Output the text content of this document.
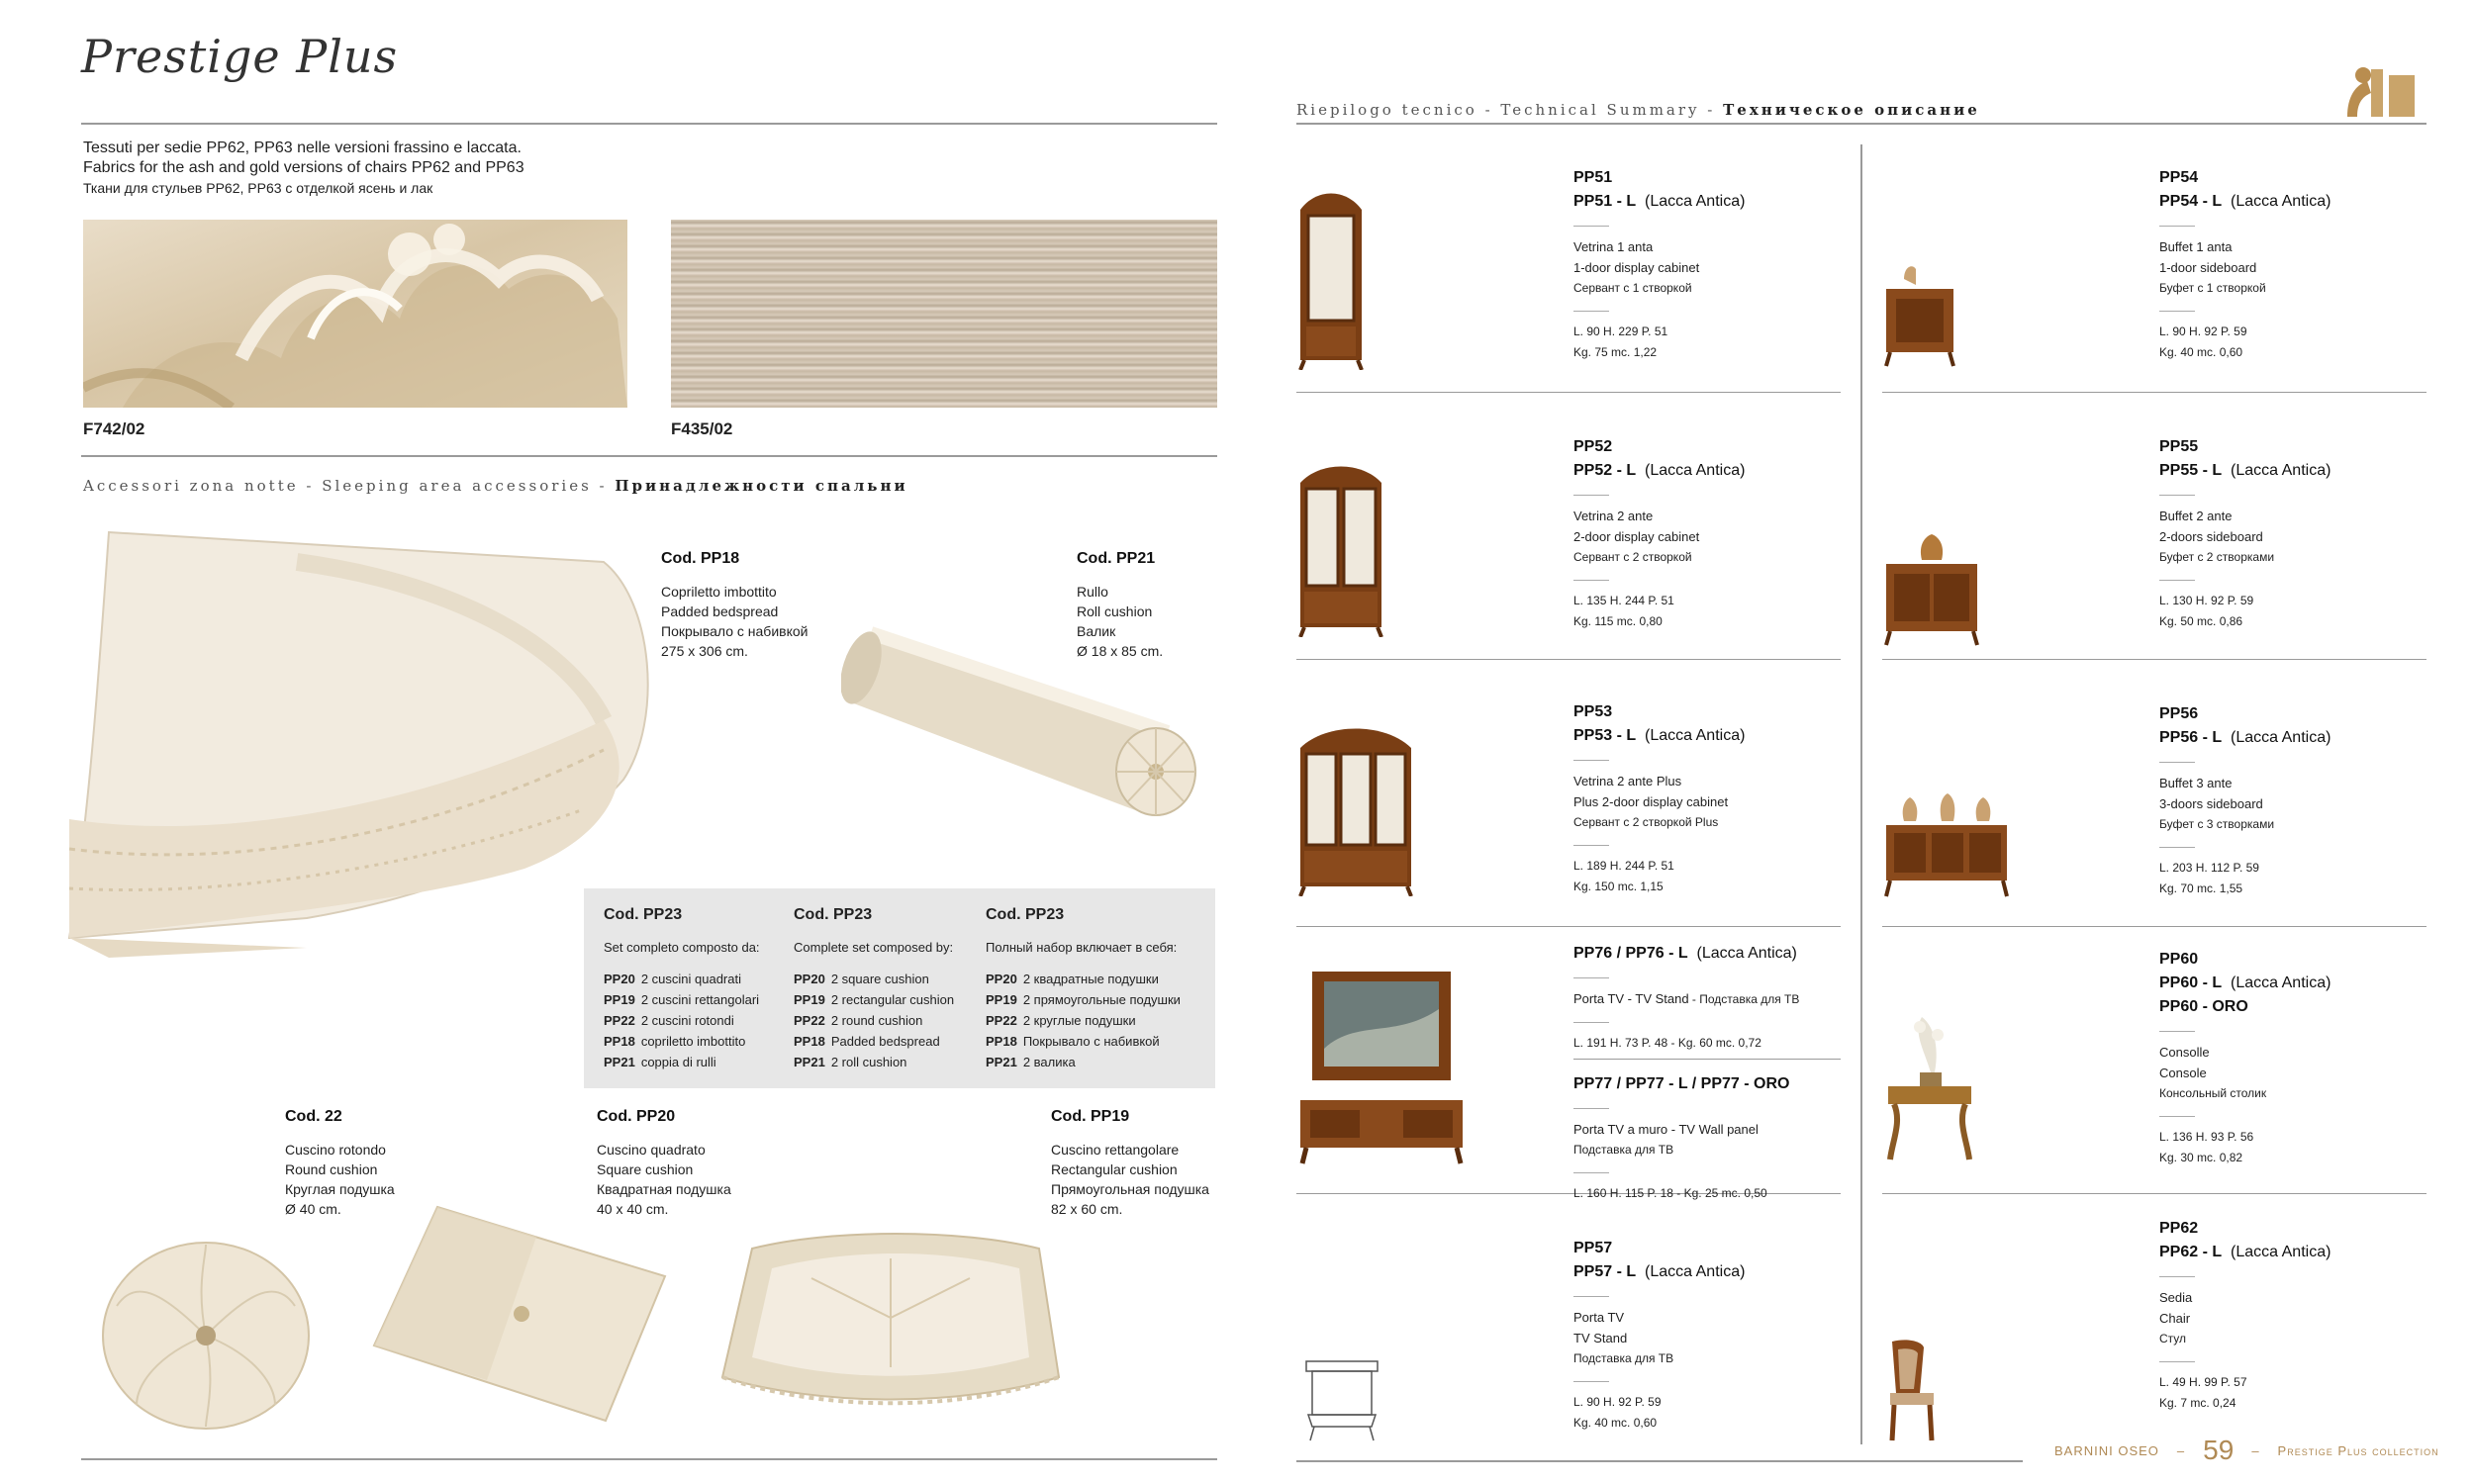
Prestige Plus
Tessuti per sedie PP62, PP63 nelle versioni frassino e laccata.
Fabrics for the ash and gold versions of chairs PP62 and PP63
Ткани для стульев PP62, PP63 с отделкой ясень и лак
F742/02	F435/02
Accessori zona notte - Sleeping area accessories - Принадлежности спальни
Cod. PP18
Copriletto imbottito
Padded bedspread
Покрывало с набивкой
275 x 306 cm.
Cod. PP21
Rullo
Roll cushion
Валик
Ø 18 x 85 cm.
Cod. PP23
Set completo composto da:
PP20 2 cuscini quadrati
PP19 2 cuscini rettangolari
PP22 2 cuscini rotondi
PP18 copriletto imbottito
PP21 coppia di rulli
Cod. PP23
Complete set composed by:
PP20 2 square cushion
PP19 2 rectangular cushion
PP22 2 round cushion
PP18 Padded bedspread
PP21 2 roll cushion
Cod. PP23
Полный набор включает в себя:
PP20 2 квадратные подушки
PP19 2 прямоугольные подушки
PP22 2 круглые подушки
PP18 Покрывало с набивкой
PP21 2 валика
Cod. 22
Cuscino rotondo
Round cushion
Круглая подушка
Ø 40 cm.
Cod. PP20
Cuscino quadrato
Square cushion
Квадратная подушка
40 x 40 cm.
Cod. PP19
Cuscino rettangolare
Rectangular cushion
Прямоугольная подушка
82 x 60 cm.
Riepilogo tecnico - Technical Summary - Техническое описание
PP51
PP51 - L (Lacca Antica)
Vetrina 1 anta
1-door display cabinet
Сервант с 1 створкой
L. 90 H. 229 P. 51
Kg. 75 mc. 1,22
PP52
PP52 - L (Lacca Antica)
Vetrina 2 ante
2-door display cabinet
Сервант с 2 створкой
L. 135 H. 244 P. 51
Kg. 115 mc. 0,80
PP53
PP53 - L (Lacca Antica)
Vetrina 2 ante Plus
Plus 2-door display cabinet
Сервант с 2 створкой Plus
L. 189 H. 244 P. 51
Kg. 150 mc. 1,15
PP76 / PP76 - L (Lacca Antica)
Porta TV - TV Stand - Подставка для ТВ
L. 191 H. 73 P. 48 - Kg. 60 mc. 0,72
PP77 / PP77 - L / PP77 - ORO
Porta TV a muro - TV Wall panel
Подставка для ТВ
L. 160 H. 115 P. 18 - Kg. 25 mc. 0,50
PP57
PP57 - L (Lacca Antica)
Porta TV
TV Stand
Подставка для ТВ
L. 90 H. 92 P. 59
Kg. 40 mc. 0,60
PP54
PP54 - L (Lacca Antica)
Buffet 1 anta
1-door sideboard
Буфет с 1 створкой
L. 90 H. 92 P. 59
Kg. 40 mc. 0,60
PP55
PP55 - L (Lacca Antica)
Buffet 2 ante
2-doors sideboard
Буфет с 2 створками
L. 130 H. 92 P. 59
Kg. 50 mc. 0,86
PP56
PP56 - L (Lacca Antica)
Buffet 3 ante
3-doors sideboard
Буфет с 3 створками
L. 203 H. 112 P. 59
Kg. 70 mc. 1,55
PP60
PP60 - L (Lacca Antica)
PP60 - ORO
Consolle
Console
Консольный столик
L. 136 H. 93 P. 56
Kg. 30 mc. 0,82
PP62
PP62 - L (Lacca Antica)
Sedia
Chair
Стул
L. 49 H. 99 P. 57
Kg. 7 mc. 0,24
BARNINI OSEO – 59 – Prestige Plus collection
